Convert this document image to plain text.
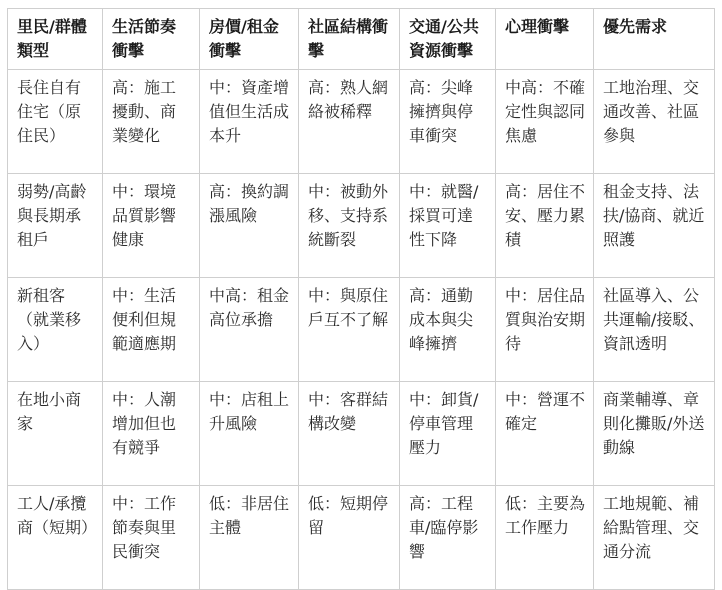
里民/群體類型	生活節奏衝擊	房價/租金衝擊	社區結構衝擊	交通/公共資源衝擊	心理衝擊	優先需求
長住自有住宅（原住民）	高：施工擾動、商業變化	中：資產增值但生活成本升	高：熟人網絡被稀釋	高：尖峰擁擠與停車衝突	中高：不確定性與認同焦慮	工地治理、交通改善、社區參與
弱勢/高齡與長期承租戶	中：環境品質影響健康	高：換約調漲風險	中：被動外移、支持系統斷裂	中：就醫/採買可達性下降	高：居住不安、壓力累積	租金支持、法扶/協商、就近照護
新租客（就業移入）	中：生活便利但規範適應期	中高：租金高位承擔	中：與原住戶互不了解	高：通勤成本與尖峰擁擠	中：居住品質與治安期待	社區導入、公共運輸/接駁、資訊透明
在地小商家	中：人潮增加但也有競爭	中：店租上升風險	中：客群結構改變	中：卸貨/停車管理壓力	中：營運不確定	商業輔導、章則化攤販/外送動線
工人/承攬商（短期）	中：工作節奏與里民衝突	低：非居住主體	低：短期停留	高：工程車/臨停影響	低：主要為工作壓力	工地規範、補給點管理、交通分流
